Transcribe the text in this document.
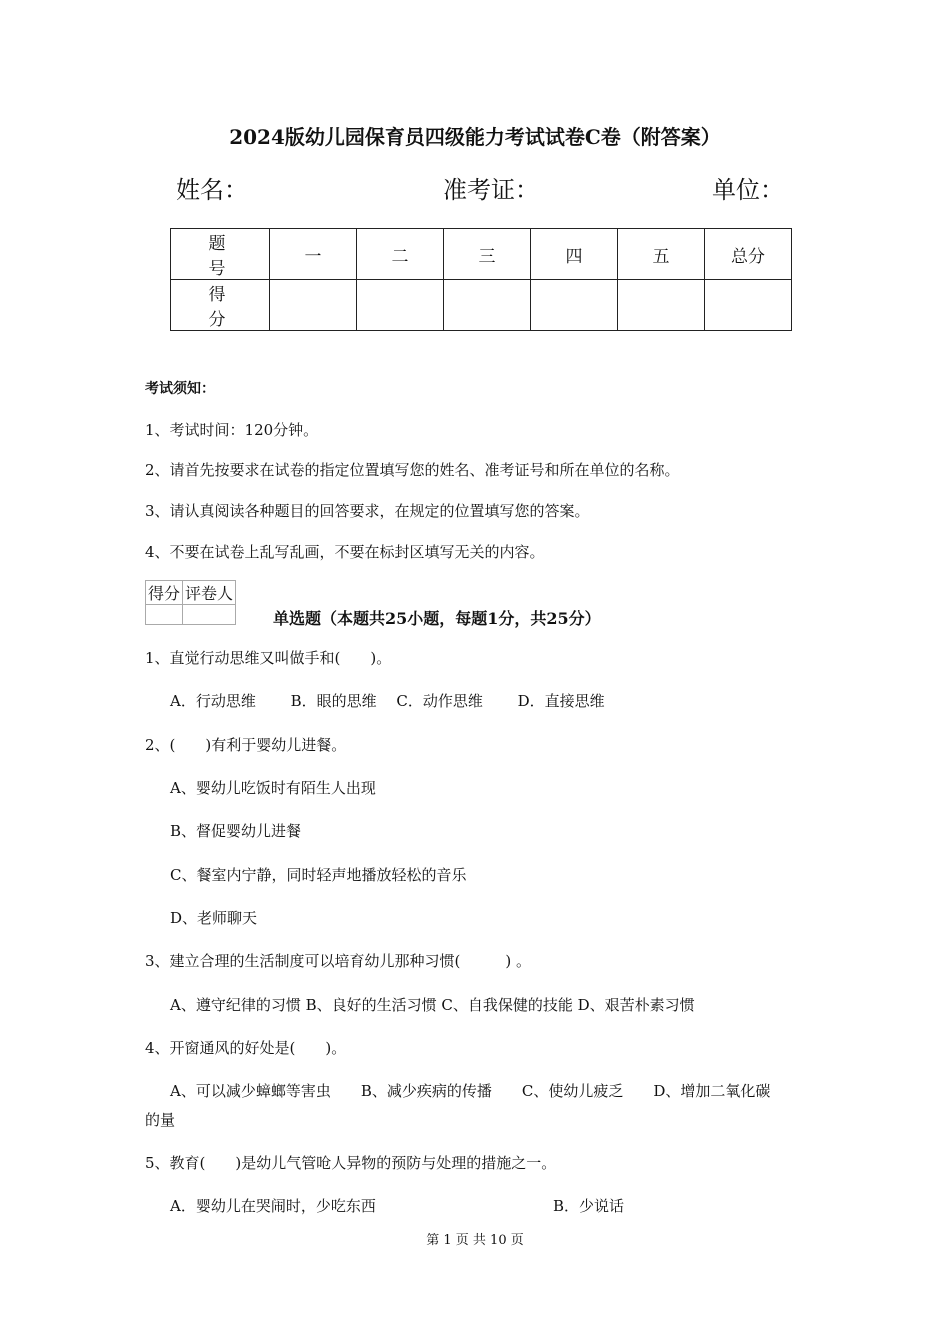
2024版幼儿园保育员四级能力考试试卷C卷（附答案）
姓名：	准考证：	单位：
题 号	一	二	三	四	五	总分
得 分						
考试须知：
1、考试时间：120分钟。
2、请首先按要求在试卷的指定位置填写您的姓名、准考证号和所在单位的名称。
3、请认真阅读各种题目的回答要求，在规定的位置填写您的答案。
4、不要在试卷上乱写乱画，不要在标封区填写无关的内容。
得分	评卷人

单选题（本题共25小题，每题1分，共25分）
1、直觉行动思维又叫做手和(　　)。
A．行动思维　　 B．眼的思维　 C．动作思维　　 D．直接思维
2、(　　)有利于婴幼儿进餐。
A、婴幼儿吃饭时有陌生人出现
B、督促婴幼儿进餐
C、餐室内宁静，同时轻声地播放轻松的音乐
D、老师聊天
3、建立合理的生活制度可以培育幼儿那种习惯(　　　) 。
A、遵守纪律的习惯 B、良好的生活习惯 C、自我保健的技能 D、艰苦朴素习惯
4、开窗通风的好处是(　　)。
A、可以减少蟑螂等害虫　　B、减少疾病的传播　　C、使幼儿疲乏　　D、增加二氧化碳
的量
5、教育(　　)是幼儿气管呛人异物的预防与处理的措施之一。
A．婴幼儿在哭闹时，少吃东西	B．少说话
第 1 页 共 10 页
